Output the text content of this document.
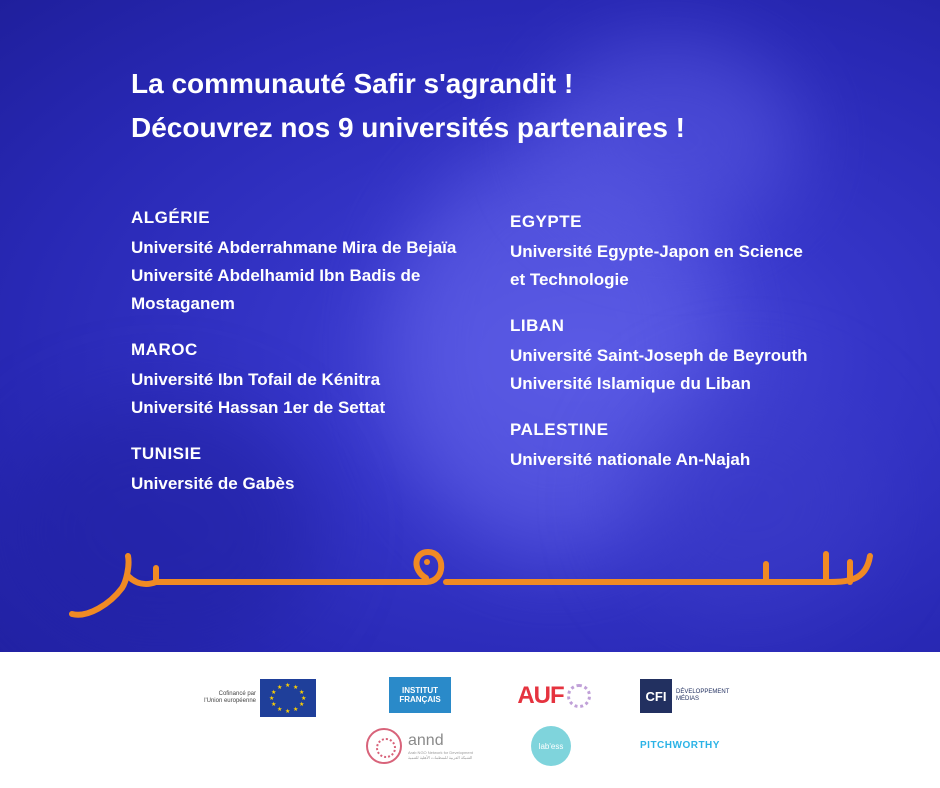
La communauté Safir s'agrandit !
Découvrez nos 9 universités partenaires !
ALGÉRIE
Université Abderrahmane Mira de Bejaïa
Université Abdelhamid Ibn Badis de
Mostaganem
MAROC
Université Ibn Tofail de Kénitra
Université Hassan 1er de Settat
TUNISIE
Université de Gabès
EGYPTE
Université Egypte-Japon en Science
et Technologie
LIBAN
Université Saint-Joseph de Beyrouth
Université Islamique du Liban
PALESTINE
Université nationale An-Najah
Cofinancé par
l'Union européenne
★ ★
★
★
★
★
★
★
★
★
★
★	INSTITUT
FRANÇAIS	AUF	CFI	DÉVELOPPEMENT
MÉDIAS
annd
Arab NGO Network for Development
الشبكة العربية للمنظمات الأهلية للتنمية
lab'ess	PITCHWORTHY
